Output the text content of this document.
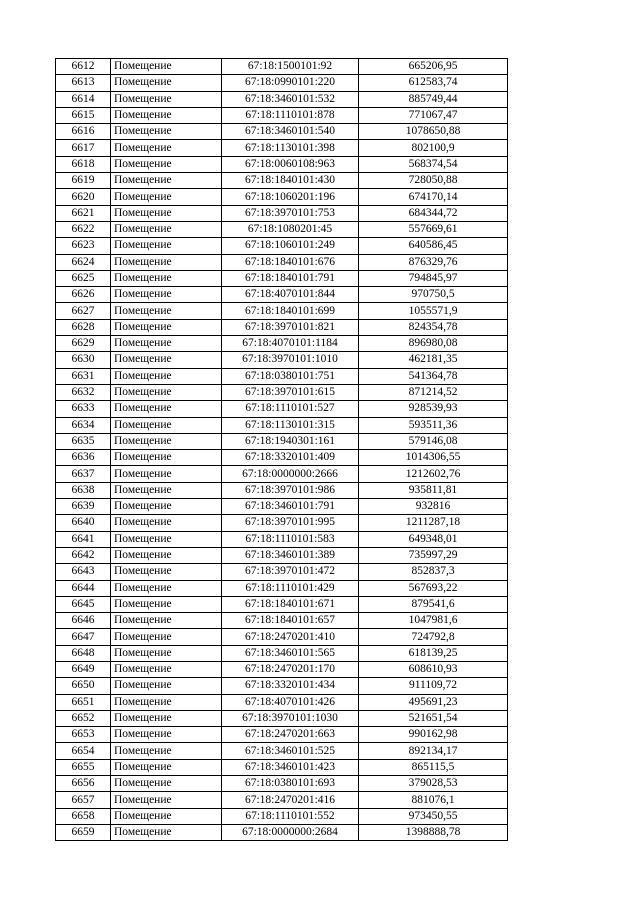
6612	Помещение	67:18:1500101:92	665206,95
6613	Помещение	67:18:0990101:220	612583,74
6614	Помещение	67:18:3460101:532	885749,44
6615	Помещение	67:18:1110101:878	771067,47
6616	Помещение	67:18:3460101:540	1078650,88
6617	Помещение	67:18:1130101:398	802100,9
6618	Помещение	67:18:0060108:963	568374,54
6619	Помещение	67:18:1840101:430	728050,88
6620	Помещение	67:18:1060201:196	674170,14
6621	Помещение	67:18:3970101:753	684344,72
6622	Помещение	67:18:1080201:45	557669,61
6623	Помещение	67:18:1060101:249	640586,45
6624	Помещение	67:18:1840101:676	876329,76
6625	Помещение	67:18:1840101:791	794845,97
6626	Помещение	67:18:4070101:844	970750,5
6627	Помещение	67:18:1840101:699	1055571,9
6628	Помещение	67:18:3970101:821	824354,78
6629	Помещение	67:18:4070101:1184	896980,08
6630	Помещение	67:18:3970101:1010	462181,35
6631	Помещение	67:18:0380101:751	541364,78
6632	Помещение	67:18:3970101:615	871214,52
6633	Помещение	67:18:1110101:527	928539,93
6634	Помещение	67:18:1130101:315	593511,36
6635	Помещение	67:18:1940301:161	579146,08
6636	Помещение	67:18:3320101:409	1014306,55
6637	Помещение	67:18:0000000:2666	1212602,76
6638	Помещение	67:18:3970101:986	935811,81
6639	Помещение	67:18:3460101:791	932816
6640	Помещение	67:18:3970101:995	1211287,18
6641	Помещение	67:18:1110101:583	649348,01
6642	Помещение	67:18:3460101:389	735997,29
6643	Помещение	67:18:3970101:472	852837,3
6644	Помещение	67:18:1110101:429	567693,22
6645	Помещение	67:18:1840101:671	879541,6
6646	Помещение	67:18:1840101:657	1047981,6
6647	Помещение	67:18:2470201:410	724792,8
6648	Помещение	67:18:3460101:565	618139,25
6649	Помещение	67:18:2470201:170	608610,93
6650	Помещение	67:18:3320101:434	911109,72
6651	Помещение	67:18:4070101:426	495691,23
6652	Помещение	67:18:3970101:1030	521651,54
6653	Помещение	67:18:2470201:663	990162,98
6654	Помещение	67:18:3460101:525	892134,17
6655	Помещение	67:18:3460101:423	865115,5
6656	Помещение	67:18:0380101:693	379028,53
6657	Помещение	67:18:2470201:416	881076,1
6658	Помещение	67:18:1110101:552	973450,55
6659	Помещение	67:18:0000000:2684	1398888,78
